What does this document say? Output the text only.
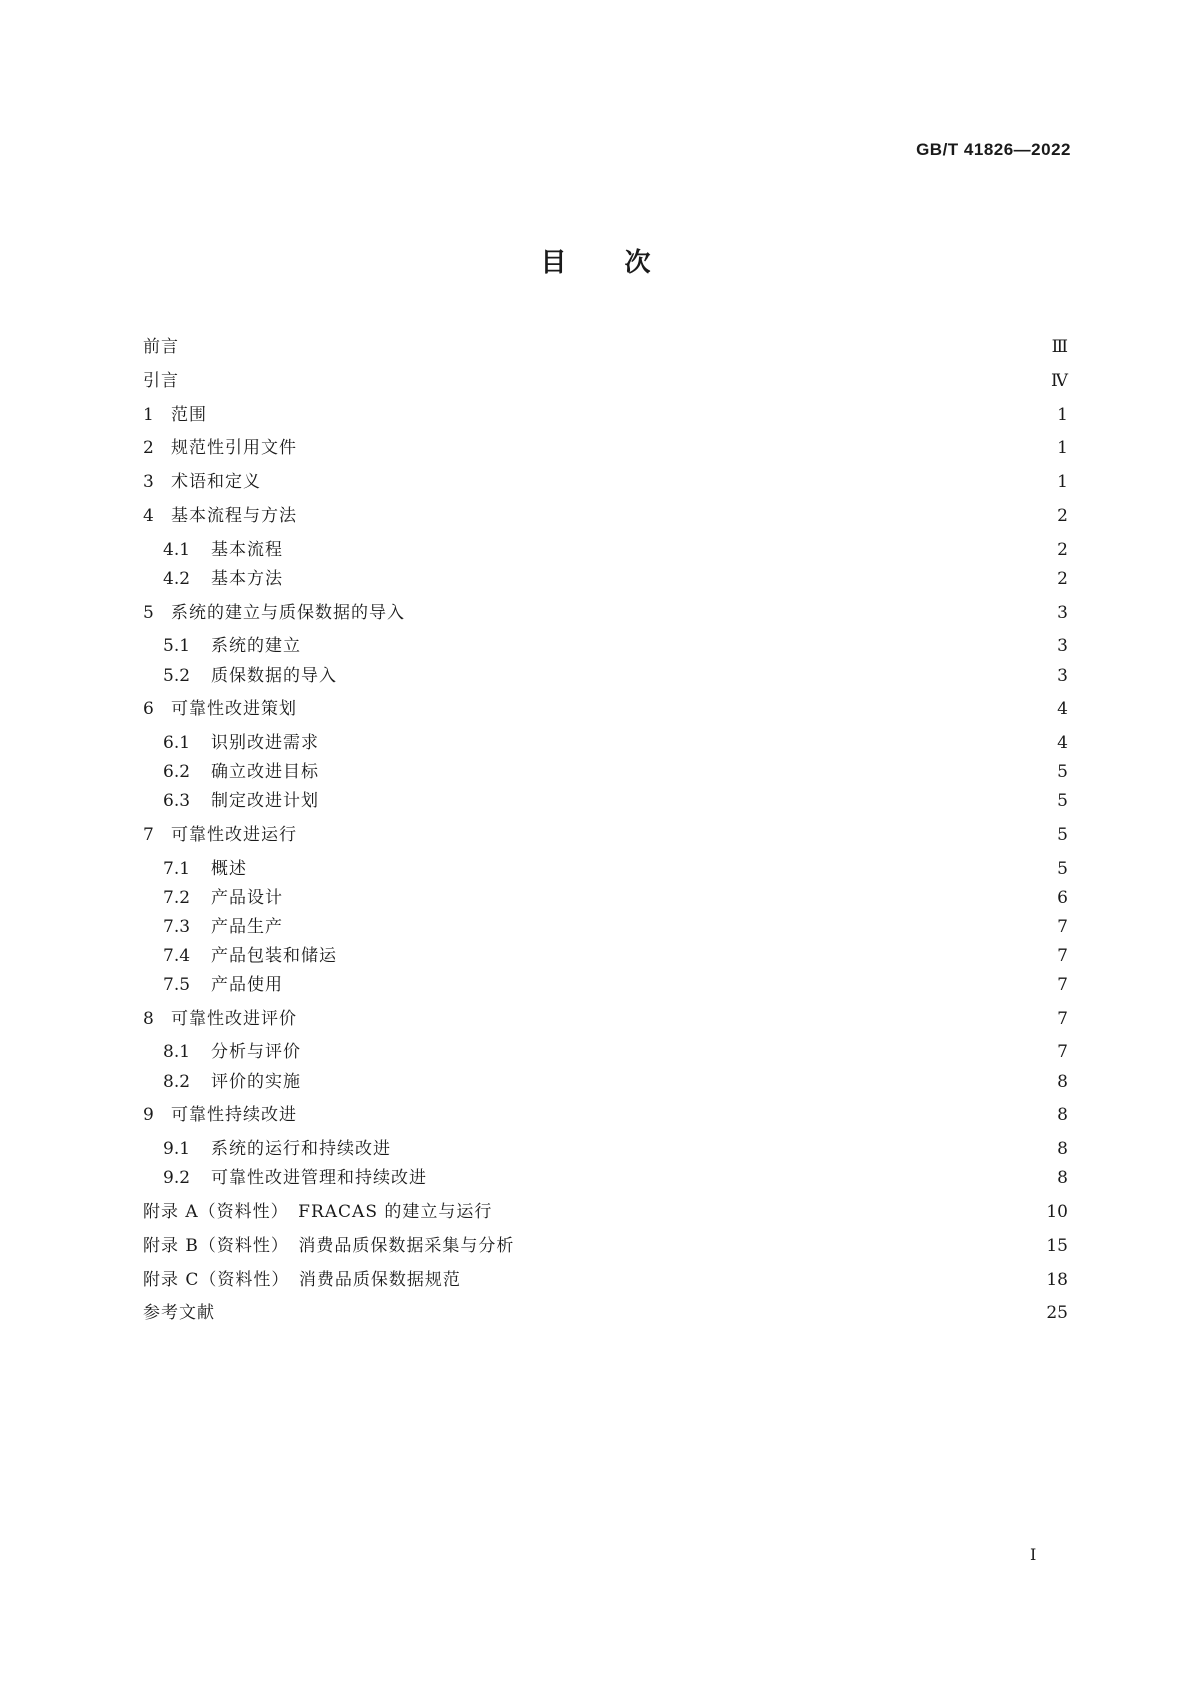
GB/T 41826—2022
目次
前言	Ⅲ
引言	Ⅳ
1	范围	1
2	规范性引用文件	1
3	术语和定义	1
4	基本流程与方法	2
4.1	基本流程	2
4.2	基本方法	2
5	系统的建立与质保数据的导入	3
5.1	系统的建立	3
5.2	质保数据的导入	3
6	可靠性改进策划	4
6.1	识别改进需求	4
6.2	确立改进目标	5
6.3	制定改进计划	5
7	可靠性改进运行	5
7.1	概述	5
7.2	产品设计	6
7.3	产品生产	7
7.4	产品包装和储运	7
7.5	产品使用	7
8	可靠性改进评价	7
8.1	分析与评价	7
8.2	评价的实施	8
9	可靠性持续改进	8
9.1	系统的运行和持续改进	8
9.2	可靠性改进管理和持续改进	8
附录 A（资料性）　FRACAS 的建立与运行	10
附录 B（资料性）　消费品质保数据采集与分析	15
附录 C（资料性）　消费品质保数据规范	18
参考文献	25
I
